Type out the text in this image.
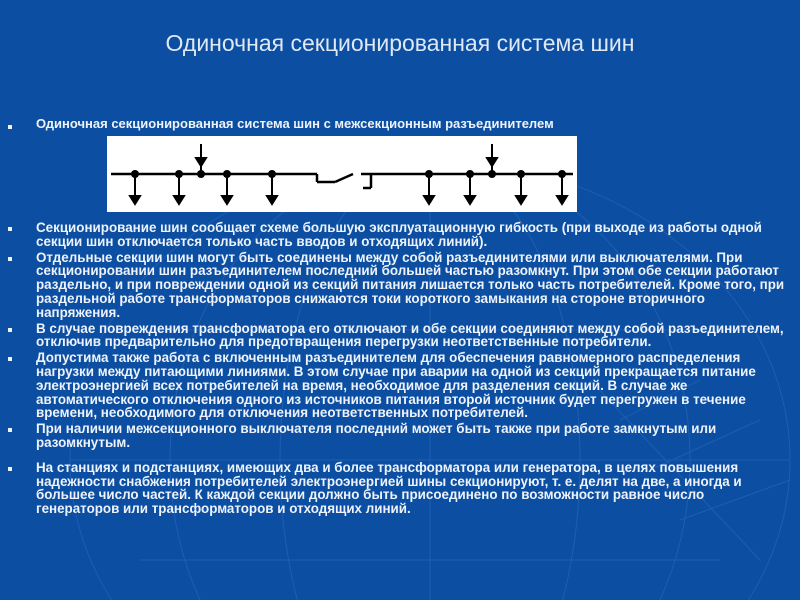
Одиночная секционированная система шин
Одиночная секционированная система шин с межсекционным разъединителем
Секционирование шин сообщает схеме большую эксплуатационную гибкость (при выходе из работы одной секции шин отключается только часть вводов и отходящих линий).
Отдельные секции шин могут быть соединены между собой разъединителями или выключателями. При секционировании шин разъединителем последний большей частью разомкнут. При этом обе секции работают раздельно, и при повреждении одной из секций питания лишается только часть потребителей. Кроме того, при раздельной работе трансформаторов снижаются токи короткого замыкания на стороне вторичного напряжения.
В случае повреждения трансформатора его отключают и обе секции соединяют между собой разъединителем, отключив предварительно для предотвращения перегрузки неответственные потребители.
Допустима также работа с включенным разъединителем для обеспечения равномерного распределения нагрузки между питающими линиями. В этом случае при аварии на одной из секций прекращается питание электроэнергией всех потребителей на время, необходимое для разделения секций. В случае же автоматического отключения одного из источников питания второй источник будет перегружен в течение времени, необходимого для отключения неответственных потребителей.
При наличии межсекционного выключателя последний может быть также при работе замкнутым или разомкнутым.
На станциях и подстанциях, имеющих два и более трансформатора или генератора, в целях повышения надежности снабжения потребителей электроэнергией шины секционируют, т. е. делят на две, а иногда и большее число частей. К каждой секции должно быть присоединено по возможности равное число генераторов или трансформаторов и отходящих линий.
